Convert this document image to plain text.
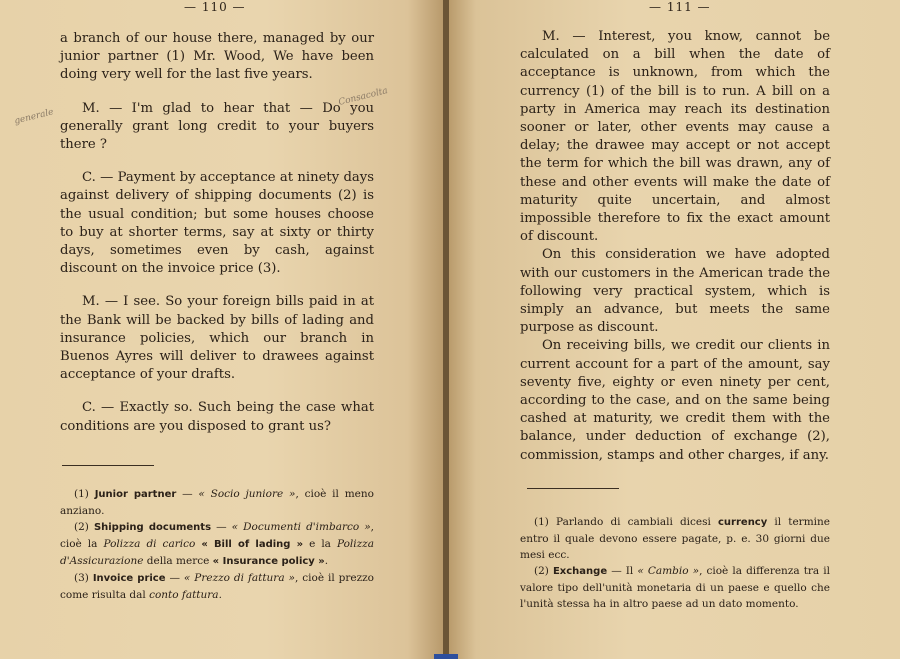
— 110 —

a branch of our house there, managed by our junior partner (1) Mr. Wood, We have been doing very well for the last five years.

M. — I'm glad to hear that — Do you generally grant long credit to your buyers there ?

C. — Payment by acceptance at ninety days against delivery of shipping documents (2) is the usual condition; but some houses choose to buy at shorter terms, say at sixty or thirty days, sometimes even by cash, against discount on the invoice price (3).

M. — I see. So your foreign bills paid in at the Bank will be backed by bills of lading and insurance policies, which our branch in Buenos Ayres will deliver to drawees against acceptance of your drafts.

C. — Exactly so. Such being the case what conditions are you disposed to grant us?

(1) Junior partner — « Socio juniore », cioè il meno anziano.

(2) Shipping documents — « Documenti d'imbarco », cioè la Polizza di carico « Bill of lading » e la Polizza d'Assicurazione della merce « Insurance policy ».

(3) Invoice price — « Prezzo di fattura », cioè il prezzo come risulta dal conto fattura.

Consacolta
generale
— 111 —

M. — Interest, you know, cannot be calculated on a bill when the date of acceptance is unknown, from which the currency (1) of the bill is to run. A bill on a party in America may reach its destination sooner or later, other events may cause a delay; the drawee may accept or not accept the term for which the bill was drawn, any of these and other events will make the date of maturity quite uncertain, and almost impossible therefore to fix the exact amount of discount.

On this consideration we have adopted with our customers in the American trade the following very practical system, which is simply an advance, but meets the same purpose as discount.

On receiving bills, we credit our clients in current account for a part of the amount, say seventy five, eighty or even ninety per cent, according to the case, and on the same being cashed at maturity, we credit them with the balance, under deduction of exchange (2), commission, stamps and other charges, if any.

(1) Parlando di cambiali dicesi currency il termine entro il quale devono essere pagate, p. e. 30 giorni due mesi ecc.

(2) Exchange — Il « Cambio », cioè la differenza tra il valore tipo dell'unità monetaria di un paese e quello che l'unità stessa ha in altro paese ad un dato momento.
